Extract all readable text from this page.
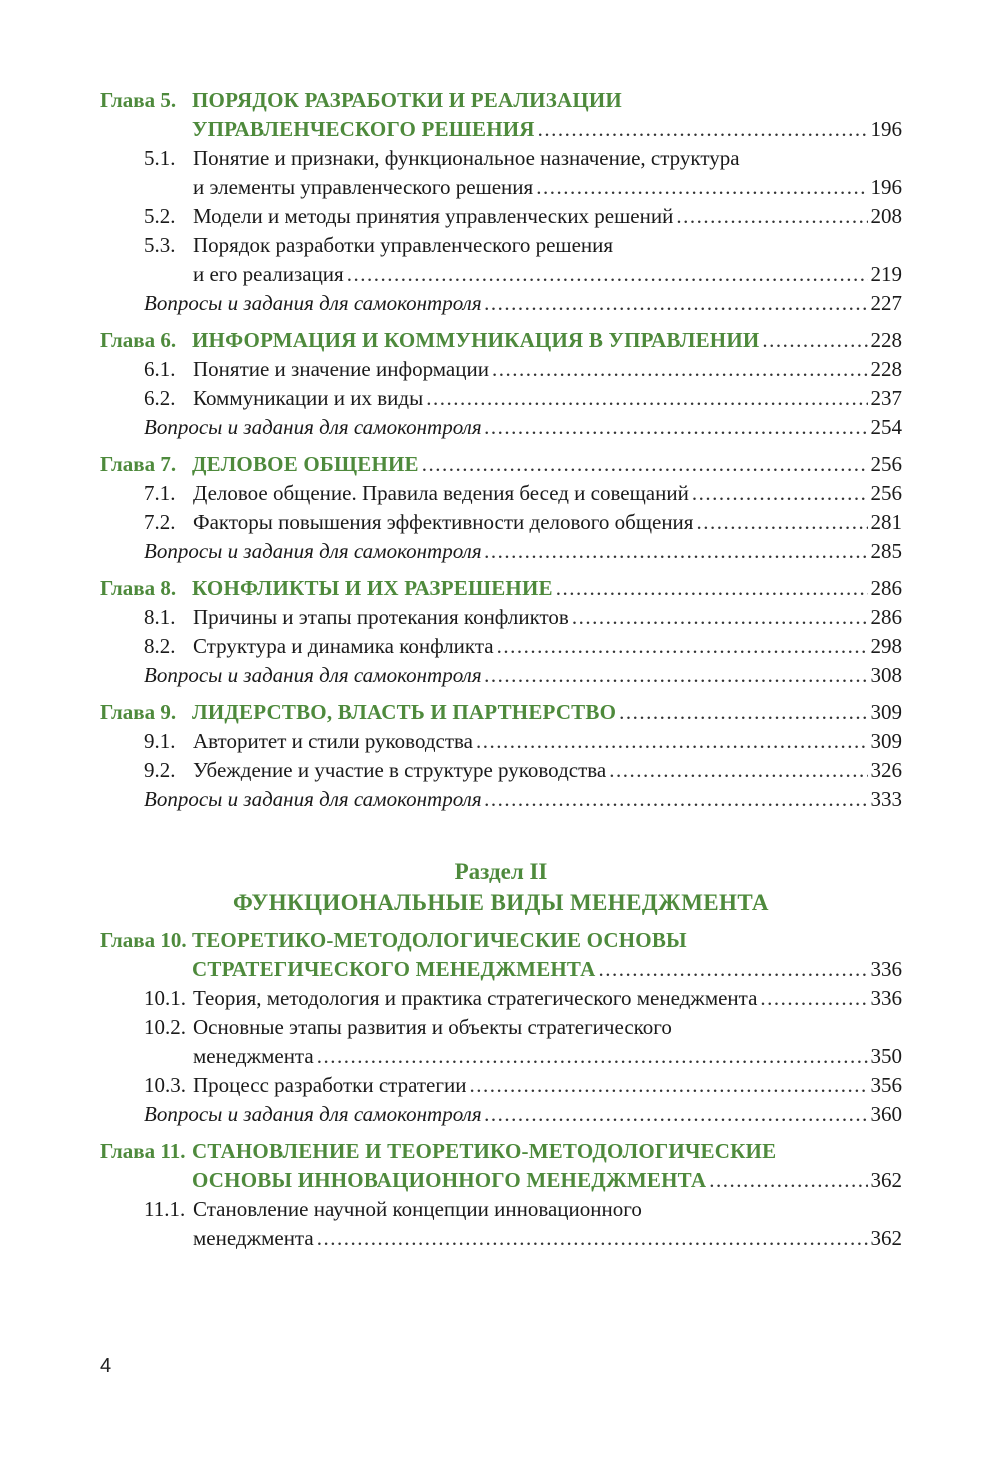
Глава 5. ПОРЯДОК РАЗРАБОТКИ И РЕАЛИЗАЦИИ
УПРАВЛЕНЧЕСКОГО РЕШЕНИЯ .....	196
5.1. Понятие и признаки, функциональное назначение, структура
и элементы управленческого решения .....	196
5.2. Модели и методы принятия управленческих решений .....	208
5.3. Порядок разработки управленческого решения
и его реализация .....	219
Вопросы и задания для самоконтроля .....	227
Глава 6. ИНФОРМАЦИЯ И КОММУНИКАЦИЯ В УПРАВЛЕНИИ .....	228
6.1. Понятие и значение информации .....	228
6.2. Коммуникации и их виды .....	237
Вопросы и задания для самоконтроля .....	254
Глава 7. ДЕЛОВОЕ ОБЩЕНИЕ .....	256
7.1. Деловое общение. Правила ведения бесед и совещаний .....	256
7.2. Факторы повышения эффективности делового общения .....	281
Вопросы и задания для самоконтроля .....	285
Глава 8. КОНФЛИКТЫ И ИХ РАЗРЕШЕНИЕ .....	286
8.1. Причины и этапы протекания конфликтов .....	286
8.2. Структура и динамика конфликта .....	298
Вопросы и задания для самоконтроля .....	308
Глава 9. ЛИДЕРСТВО, ВЛАСТЬ И ПАРТНЕРСТВО .....	309
9.1. Авторитет и стили руководства .....	309
9.2. Убеждение и участие в структуре руководства .....	326
Вопросы и задания для самоконтроля .....	333
Раздел II
ФУНКЦИОНАЛЬНЫЕ ВИДЫ МЕНЕДЖМЕНТА
Глава 10. ТЕОРЕТИКО-МЕТОДОЛОГИЧЕСКИЕ ОСНОВЫ
СТРАТЕГИЧЕСКОГО МЕНЕДЖМЕНТА .....	336
10.1. Теория, методология и практика стратегического менеджмента .....	336
10.2. Основные этапы развития и объекты стратегического
менеджмента .....	350
10.3. Процесс разработки стратегии .....	356
Вопросы и задания для самоконтроля .....	360
Глава 11. СТАНОВЛЕНИЕ И ТЕОРЕТИКО-МЕТОДОЛОГИЧЕСКИЕ
ОСНОВЫ ИННОВАЦИОННОГО МЕНЕДЖМЕНТА .....	362
11.1. Становление научной концепции инновационного
менеджмента .....	362
4
